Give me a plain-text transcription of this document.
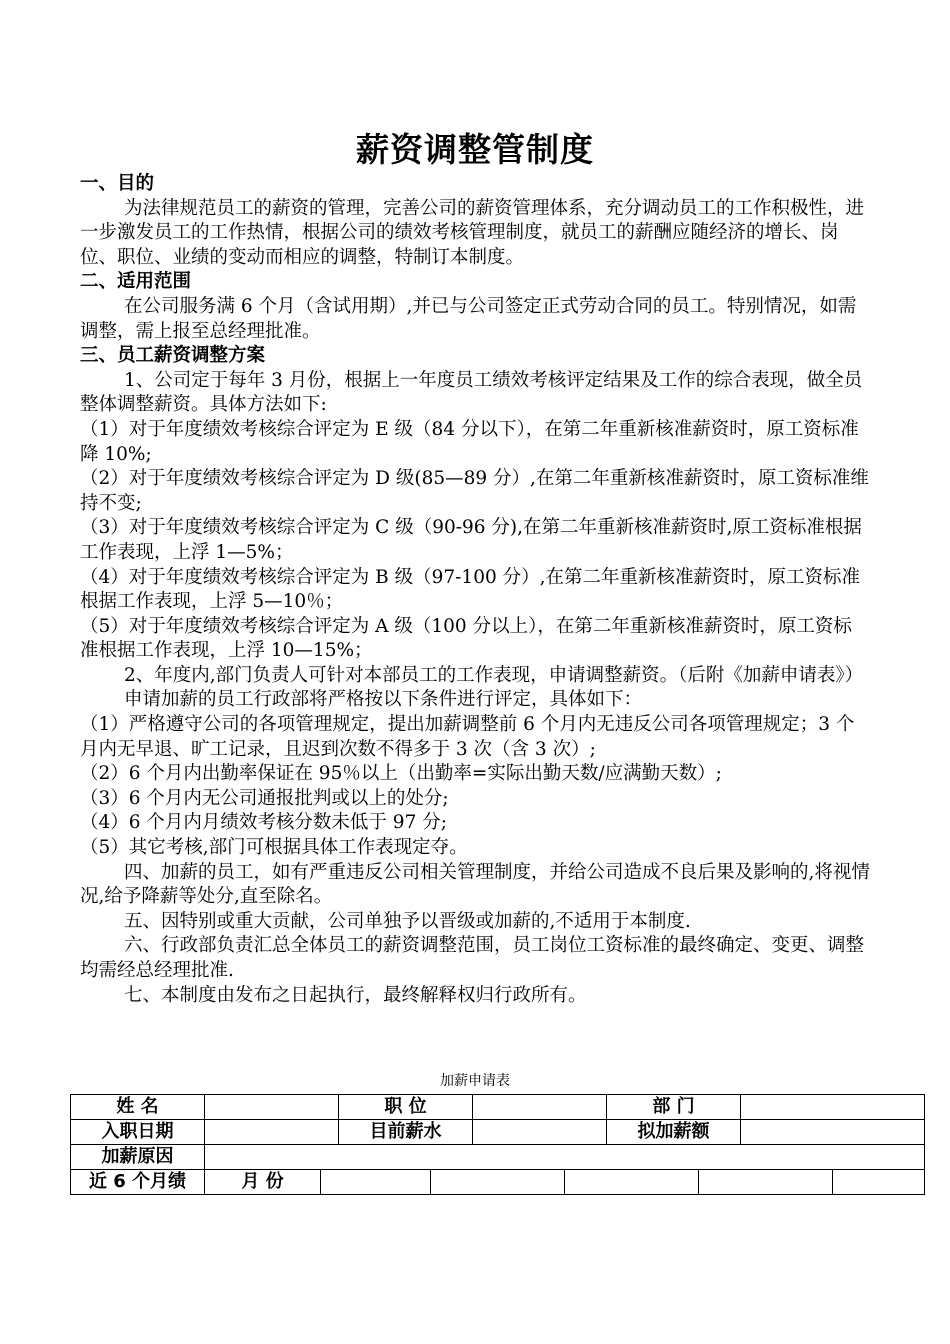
薪资调整管制度

一、目的

为法律规范员工的薪资的管理，完善公司的薪资管理体系，充分调动员工的工作积极性，进一步激发员工的工作热情，根据公司的绩效考核管理制度，就员工的薪酬应随经济的增长、岗位、职位、业绩的变动而相应的调整，特制订本制度。

二、适用范围

在公司服务满 6 个月（含试用期）,并已与公司签定正式劳动合同的员工。特别情况，如需调整，需上报至总经理批准。

三、员工薪资调整方案

1、公司定于每年 3 月份，根据上一年度员工绩效考核评定结果及工作的综合表现，做全员整体调整薪资。具体方法如下:

（1）对于年度绩效考核综合评定为 E 级（84 分以下），在第二年重新核准薪资时，原工资标准降 10%;

（2）对于年度绩效考核综合评定为 D 级(85—89 分）,在第二年重新核准薪资时，原工资标准维持不变;

（3）对于年度绩效考核综合评定为 C 级（90-96 分),在第二年重新核准薪资时,原工资标准根据工作表现，上浮 1—5%；

（4）对于年度绩效考核综合评定为 B 级（97-100 分）,在第二年重新核准薪资时，原工资标准根据工作表现，上浮 5—10％；

（5）对于年度绩效考核综合评定为 A 级（100 分以上），在第二年重新核准薪资时，原工资标准根据工作表现，上浮 10—15%；

2、年度内,部门负责人可针对本部员工的工作表现，申请调整薪资。（后附《加薪申请表》）

申请加薪的员工行政部将严格按以下条件进行评定，具体如下：

（1）严格遵守公司的各项管理规定，提出加薪调整前 6 个月内无违反公司各项管理规定；3 个月内无早退、旷工记录，且迟到次数不得多于 3 次（含 3 次）;

（2）6 个月内出勤率保证在 95％以上（出勤率=实际出勤天数/应满勤天数）;

（3）6 个月内无公司通报批判或以上的处分;

（4）6 个月内月绩效考核分数未低于 97 分;

（5）其它考核,部门可根据具体工作表现定夺。

四、加薪的员工，如有严重违反公司相关管理制度，并给公司造成不良后果及影响的,将视情况,给予降薪等处分,直至除名。

五、因特别或重大贡献，公司单独予以晋级或加薪的,不适用于本制度.

六、行政部负责汇总全体员工的薪资调整范围，员工岗位工资标准的最终确定、变更、调整均需经总经理批准.

七、本制度由发布之日起执行，最终解释权归行政所有。

加薪申请表
姓 名			职 位				部 门				
入职日期			目前薪水				拟加薪额				
加薪原因											
近 6 个月绩	月 份										
